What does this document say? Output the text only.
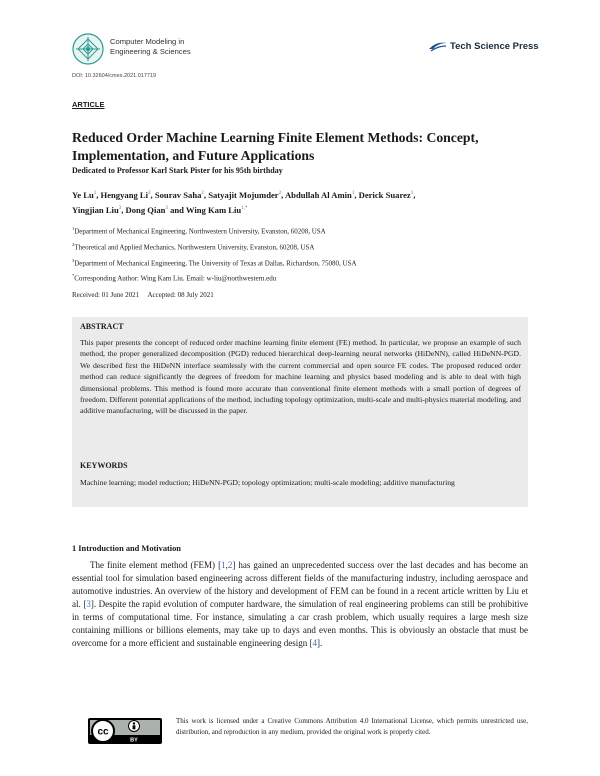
Computer Modeling in
Engineering & Sciences	Tech Science Press
DOI: 10.32604/cmes.2021.017719
ARTICLE
Reduced Order Machine Learning Finite Element Methods: Concept,
Implementation, and Future Applications
Dedicated to Professor Karl Stark Pister for his 95th birthday
Ye Lu$^1$, Hengyang Li$^2$, Sourav Saha$^2$, Satyajit Mojumder$^2$, Abdullah Al Amin$^1$, Derick Suarez$^1$,
Yingjian Liu$^3$, Dong Qian$^3$ and Wing Kam Liu$^{1,*}$
$^1$Department of Mechanical Engineering, Northwestern University, Evanston, 60208, USA
$^2$Theoretical and Applied Mechanics, Northwestern University, Evanston, 60208, USA
$^3$Department of Mechanical Engineering, The University of Texas at Dallas, Richardson, 75080, USA
*Corresponding Author: Wing Kam Liu. Email: w-liu@northwestern.edu
Received: 01 June 2021 Accepted: 08 July 2021
ABSTRACT
This paper presents the concept of reduced order machine learning finite element (FE) method. In particular, we propose an example of such method, the proper generalized decomposition (PGD) reduced hierarchical deep-learning neural networks (HiDeNN), called HiDeNN-PGD. We described first the HiDeNN interface seamlessly with the current commercial and open source FE codes. The proposed reduced order method can reduce significantly the degrees of freedom for machine learning and physics based modeling and is able to deal with high dimensional problems. This method is found more accurate than conventional finite element methods with a small portion of degrees of freedom. Different potential applications of the method, including topology optimization, multi-scale and multi-physics material modeling, and additive manufacturing, will be discussed in the paper.
KEYWORDS
Machine learning; model reduction; HiDeNN-PGD; topology optimization; multi-scale modeling; additive manufacturing
1 Introduction and Motivation
The finite element method (FEM) [1,2] has gained an unprecedented success over the last decades and has become an essential tool for simulation based engineering across different fields of the manufacturing industry, including aerospace and automotive industries. An overview of the history and development of FEM can be found in a recent article written by Liu et al. [3]. Despite the rapid evolution of computer hardware, the simulation of real engineering problems can still be prohibitive in terms of computational time. For instance, simulating a car crash problem, which usually requires a large mesh size containing millions or billions elements, may take up to days and even months. This is obviously an obstacle that must be overcome for a more efficient and sustainable engineering design [4].
cc
BY
This work is licensed under a Creative Commons Attribution 4.0 International License, which permits unrestricted use, distribution, and reproduction in any medium, provided the original work is properly cited.
